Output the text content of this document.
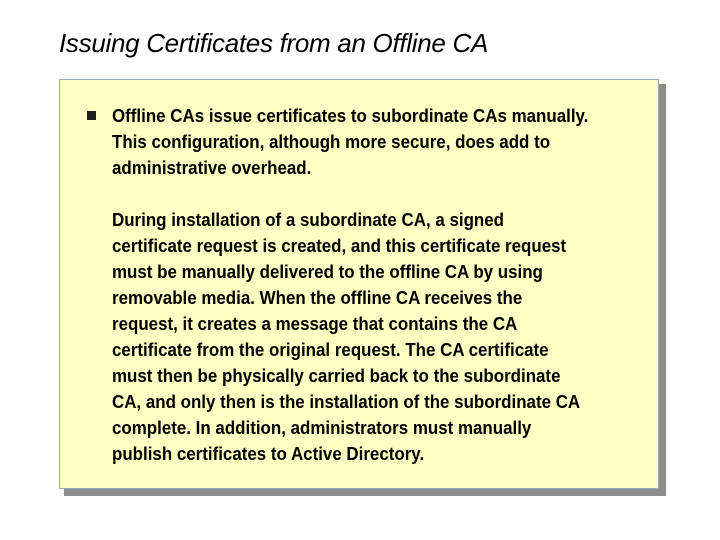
Issuing Certificates from an Offline CA

Offline CAs issue certificates to subordinate CAs manually.
This configuration, although more secure, does add to
administrative overhead.

During installation of a subordinate CA, a signed
certificate request is created, and this certificate request
must be manually delivered to the offline CA by using
removable media. When the offline CA receives the
request, it creates a message that contains the CA
certificate from the original request. The CA certificate
must then be physically carried back to the subordinate
CA, and only then is the installation of the subordinate CA
complete. In addition, administrators must manually
publish certificates to Active Directory.
